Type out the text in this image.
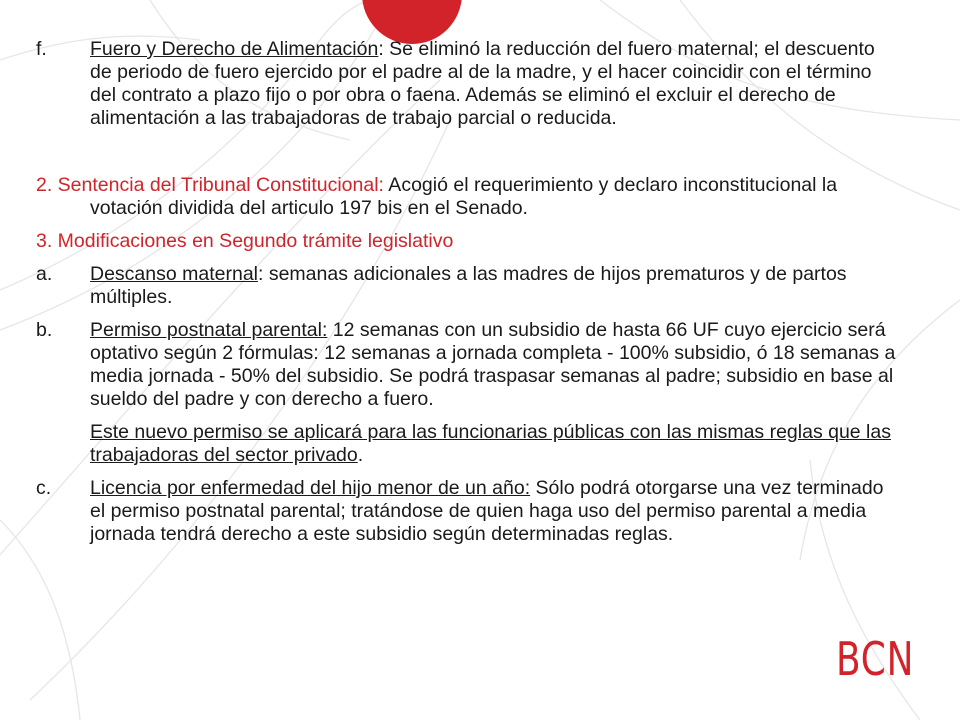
f. Fuero y Derecho de Alimentación: Se eliminó la reducción del fuero maternal; el descuento de periodo de fuero ejercido por el padre al de la madre, y el hacer coincidir con el término del contrato a plazo fijo o por obra o faena. Además se eliminó el excluir el derecho de alimentación a las trabajadoras de trabajo parcial o reducida.
2. Sentencia del Tribunal Constitucional: Acogió el requerimiento y declaro inconstitucional la votación dividida del articulo 197 bis en el Senado.
3. Modificaciones en Segundo trámite legislativo
a. Descanso maternal: semanas adicionales a las madres de hijos prematuros y de partos múltiples.
b. Permiso postnatal parental: 12 semanas con un subsidio de hasta 66 UF cuyo ejercicio será optativo según 2 fórmulas: 12 semanas a jornada completa - 100% subsidio, ó 18 semanas a media jornada - 50% del subsidio. Se podrá traspasar semanas al padre; subsidio en base al sueldo del padre y con derecho a fuero.
Este nuevo permiso se aplicará para las funcionarias públicas con las mismas reglas que las trabajadoras del sector privado.
c. Licencia por enfermedad del hijo menor de un año: Sólo podrá otorgarse una vez terminado el permiso postnatal parental; tratándose de quien haga uso del permiso parental a media jornada tendrá derecho a este subsidio según determinadas reglas.
BCN
